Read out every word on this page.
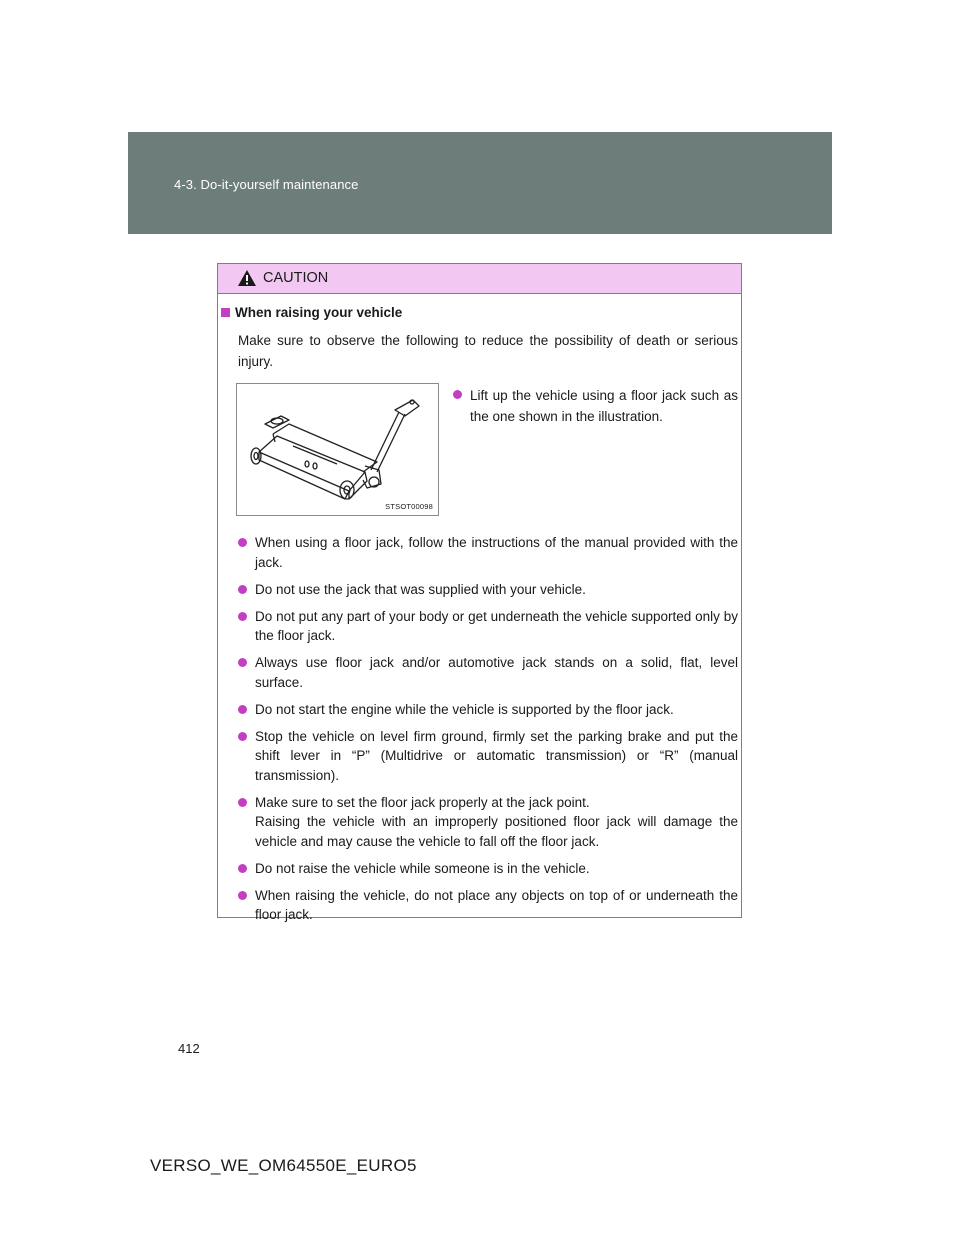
4-3. Do-it-yourself maintenance
CAUTION
When raising your vehicle
Make sure to observe the following to reduce the possibility of death or serious injury.
STSOT00098
Lift up the vehicle using a floor jack such as the one shown in the illustration.
When using a floor jack, follow the instructions of the manual provided with the jack.
Do not use the jack that was supplied with your vehicle.
Do not put any part of your body or get underneath the vehicle supported only by the floor jack.
Always use floor jack and/or automotive jack stands on a solid, flat, level surface.
Do not start the engine while the vehicle is supported by the floor jack.
Stop the vehicle on level firm ground, firmly set the parking brake and put the shift lever in “P” (Multidrive or automatic transmission) or “R” (manual transmission).
Make sure to set the floor jack properly at the jack point.
Raising the vehicle with an improperly positioned floor jack will damage the vehicle and may cause the vehicle to fall off the floor jack.
Do not raise the vehicle while someone is in the vehicle.
When raising the vehicle, do not place any objects on top of or underneath the floor jack.
412
VERSO_WE_OM64550E_EURO5
